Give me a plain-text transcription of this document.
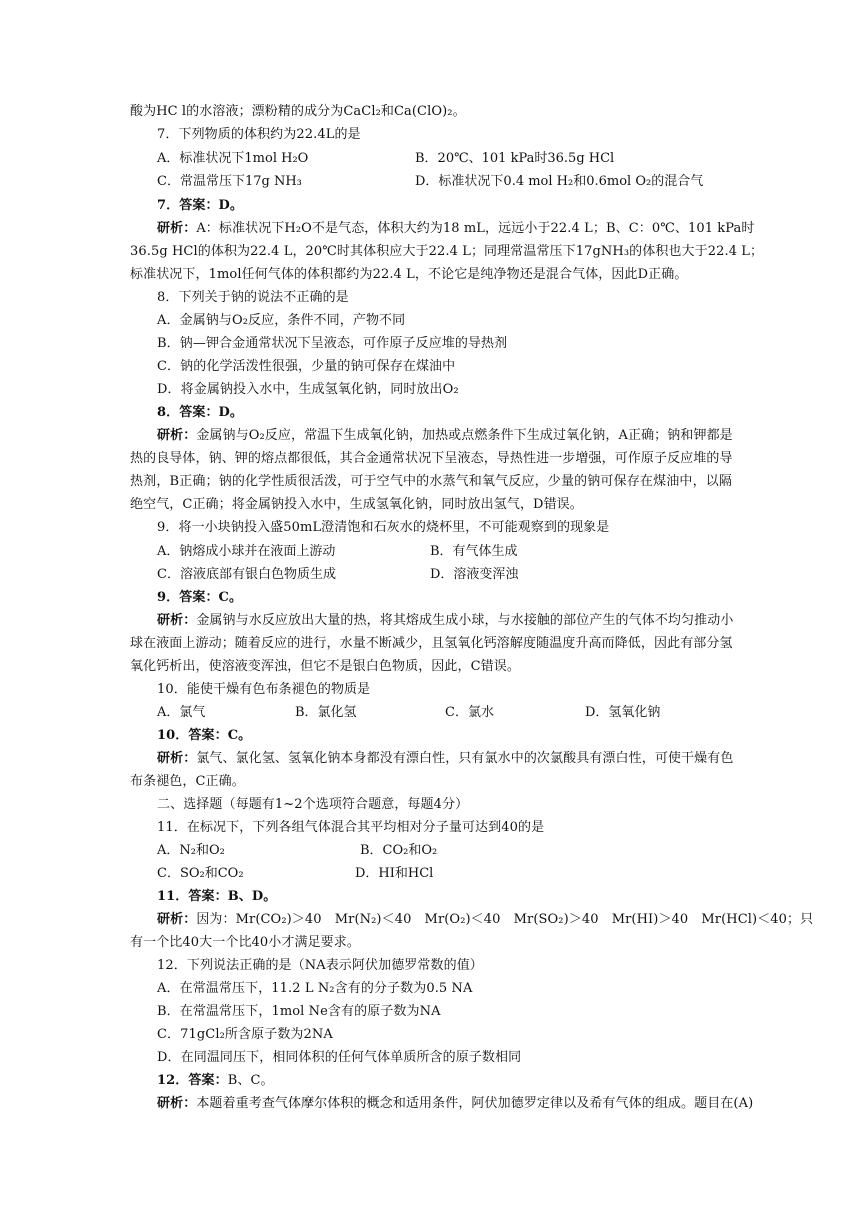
酸为HC l的水溶液；漂粉精的成分为CaCl₂和Ca(ClO)₂。
7．下列物质的体积约为22.4L的是
A．标准状况下1mol H₂O	B．20℃、101 kPa时36.5g HCl
C．常温常压下17g NH₃	D．标准状况下0.4 mol H₂和0.6mol O₂的混合气
7．答案：D。
研析：A：标准状况下H₂O不是气态，体积大约为18 mL，远远小于22.4 L；B、C：0℃、101 kPa时
36.5g HCl的体积为22.4 L，20℃时其体积应大于22.4 L；同理常温常压下17gNH₃的体积也大于22.4 L；
标准状况下，1mol任何气体的体积都约为22.4 L，不论它是纯净物还是混合气体，因此D正确。
8．下列关于钠的说法不正确的是
A．金属钠与O₂反应，条件不同，产物不同
B．钠—钾合金通常状况下呈液态，可作原子反应堆的导热剂
C．钠的化学活泼性很强，少量的钠可保存在煤油中
D．将金属钠投入水中，生成氢氧化钠，同时放出O₂
8．答案：D。
研析：金属钠与O₂反应，常温下生成氧化钠，加热或点燃条件下生成过氧化钠，A正确；钠和钾都是
热的良导体，钠、钾的熔点都很低，其合金通常状况下呈液态，导热性进一步增强，可作原子反应堆的导
热剂，B正确；钠的化学性质很活泼，可于空气中的水蒸气和氧气反应，少量的钠可保存在煤油中，以隔
绝空气，C正确；将金属钠投入水中，生成氢氧化钠，同时放出氢气，D错误。
9．将一小块钠投入盛50mL澄清饱和石灰水的烧杯里，不可能观察到的现象是
A．钠熔成小球并在液面上游动	B．有气体生成
C．溶液底部有银白色物质生成	D．溶液变浑浊
9．答案：C。
研析：金属钠与水反应放出大量的热，将其熔成生成小球，与水接触的部位产生的气体不均匀推动小
球在液面上游动；随着反应的进行，水量不断减少，且氢氧化钙溶解度随温度升高而降低，因此有部分氢
氧化钙析出，使溶液变浑浊，但它不是银白色物质，因此，C错误。
10．能使干燥有色布条褪色的物质是
A．氯气	B．氯化氢	C．氯水	D．氢氧化钠
10．答案：C。
研析：氯气、氯化氢、氢氧化钠本身都没有漂白性，只有氯水中的次氯酸具有漂白性，可使干燥有色
布条褪色，C正确。
二、选择题（每题有1~2个选项符合题意，每题4分）
11．在标况下，下列各组气体混合其平均相对分子量可达到40的是
A．N₂和O₂	B．CO₂和O₂
C．SO₂和CO₂	D．HI和HCl
11．答案：B、D。
研析：因为：Mr(CO₂)＞40　Mr(N₂)＜40　Mr(O₂)＜40　Mr(SO₂)＞40　Mr(HI)＞40　Mr(HCl)＜40；只
有一个比40大一个比40小才满足要求。
12．下列说法正确的是（NA表示阿伏加德罗常数的值）
A．在常温常压下，11.2 L N₂含有的分子数为0.5 NA
B．在常温常压下，1mol Ne含有的原子数为NA
C．71gCl₂所含原子数为2NA
D．在同温同压下，相同体积的任何气体单质所含的原子数相同
12．答案：B、C。
研析：本题着重考查气体摩尔体积的概念和适用条件，阿伏加德罗定律以及希有气体的组成。题目在(A)
